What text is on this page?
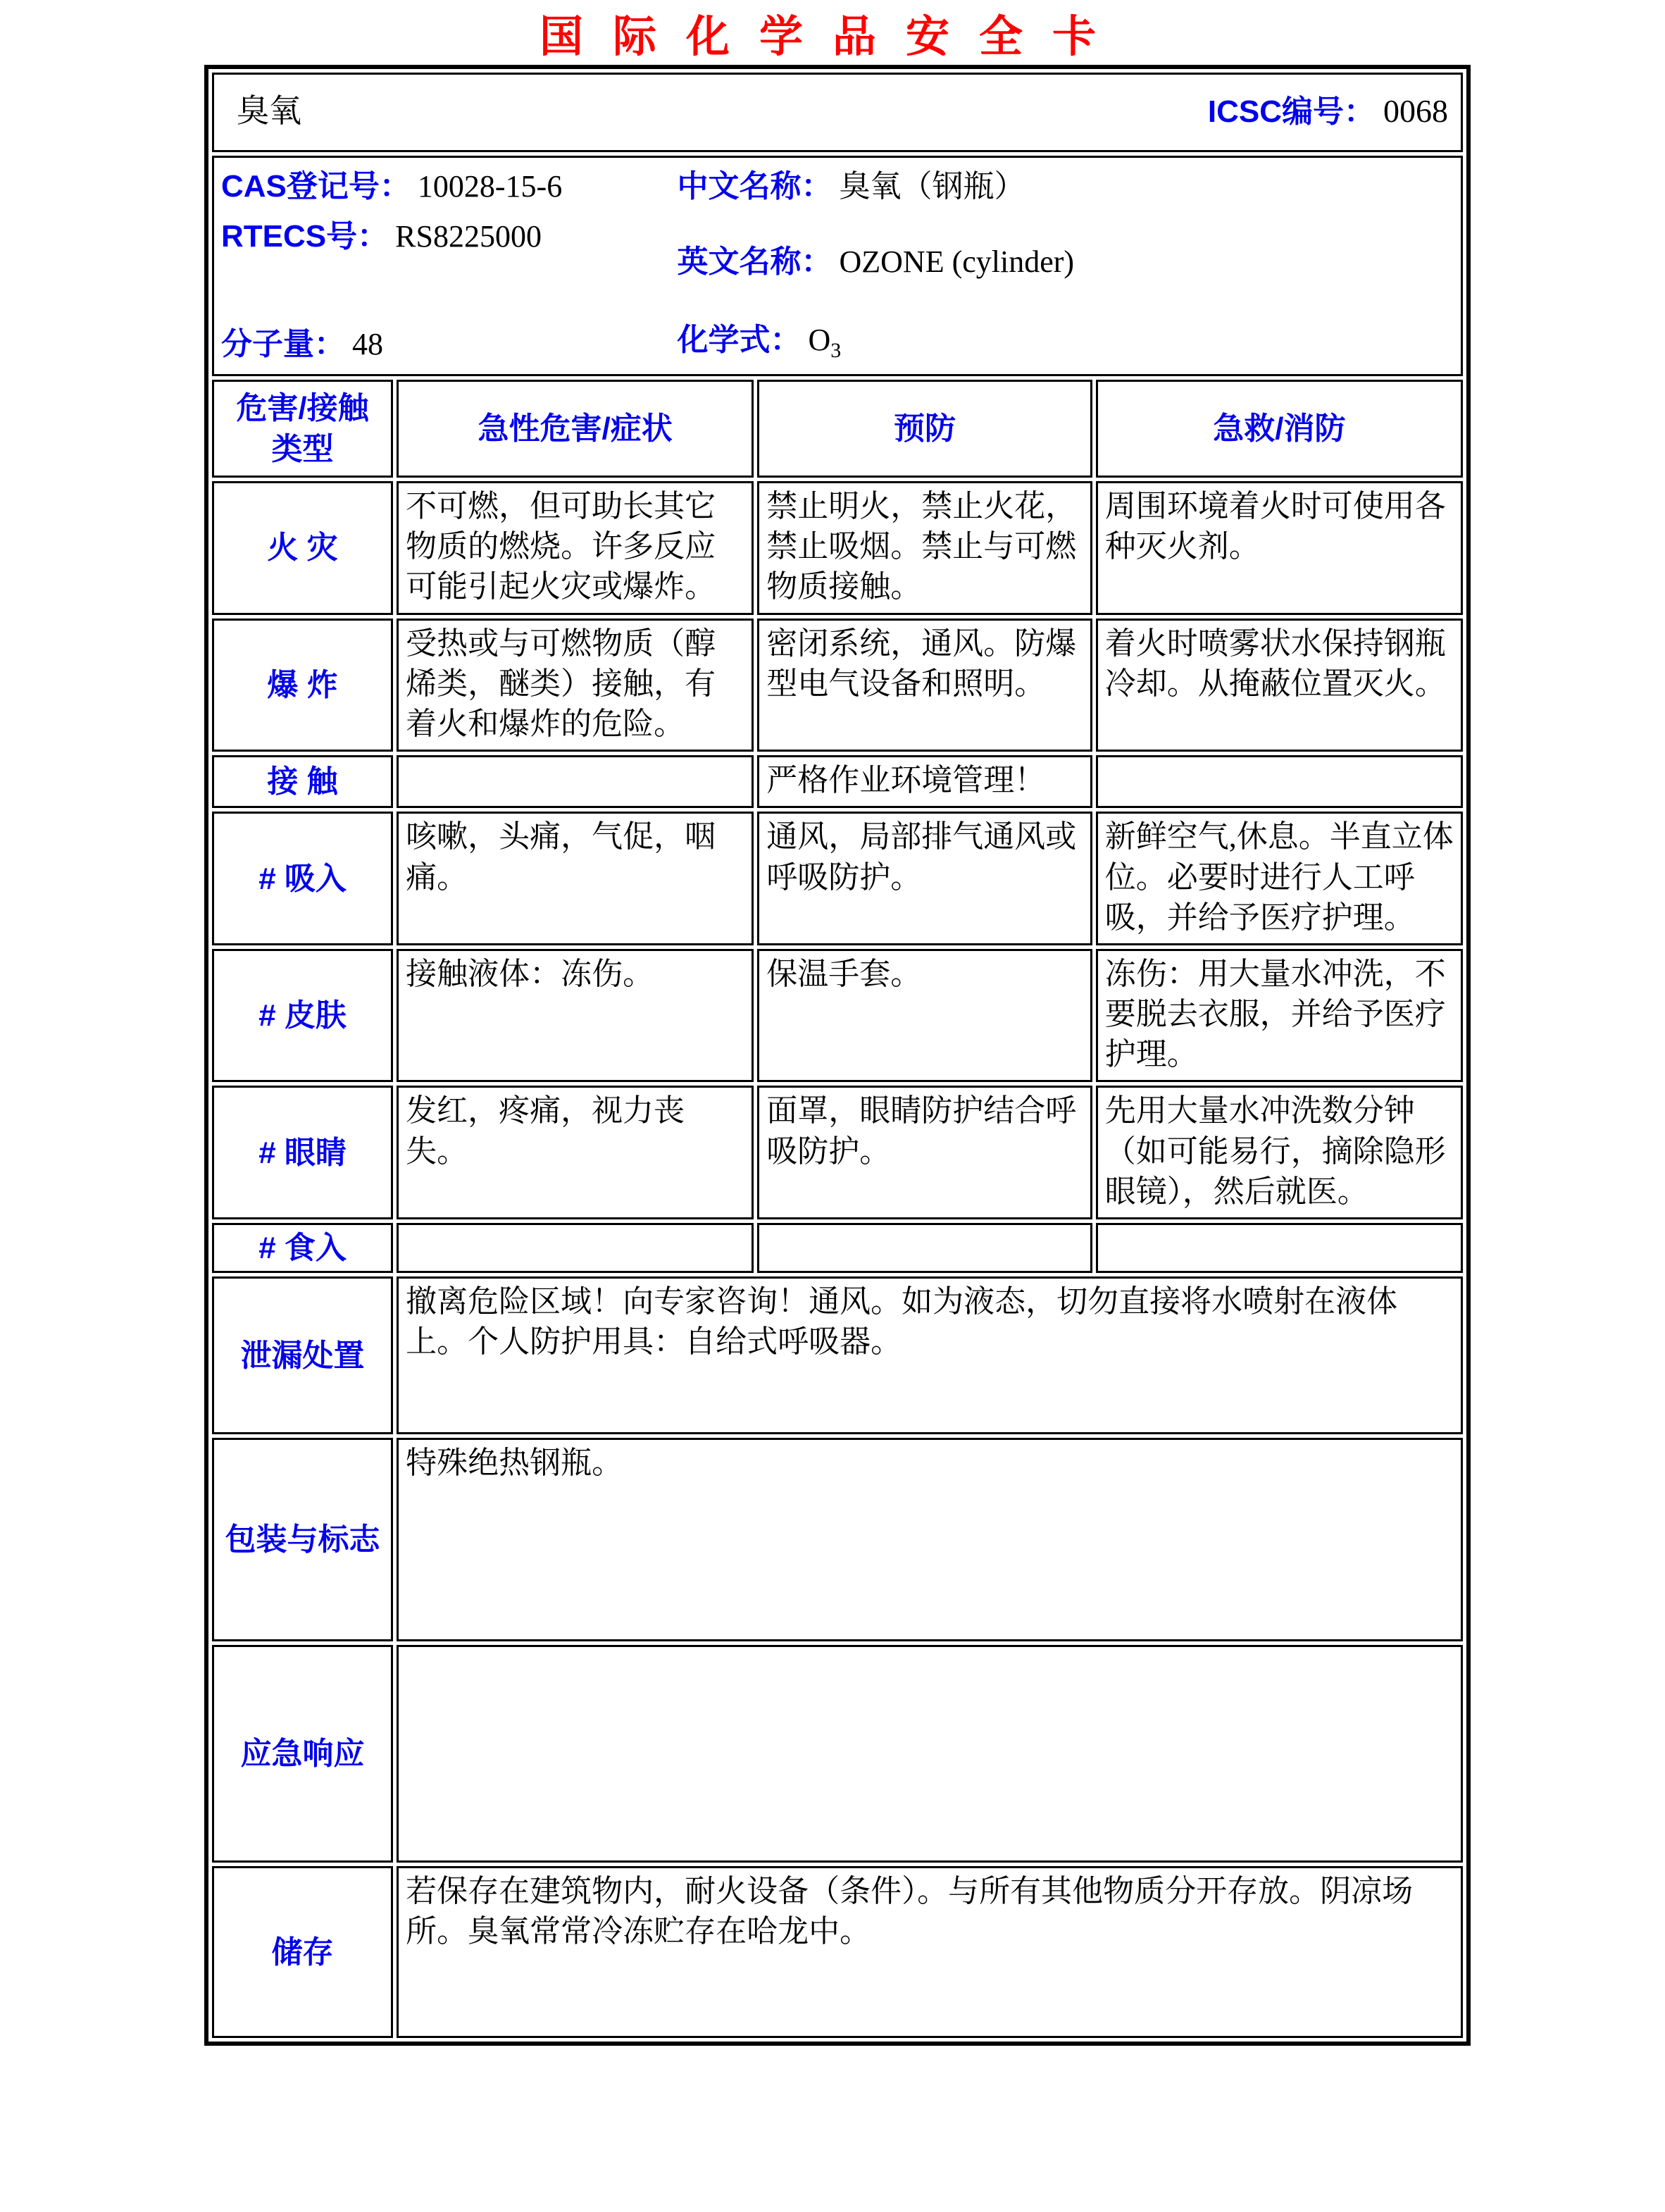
国际化学品安全卡
臭氧 ICSC编号： 0068			

CAS登记号： 10028-15-6
RTECS号： RS8225000
分子量： 48
中文名称： 臭氧（钢瓶）
英文名称： OZONE (cylinder)
化学式： $O_3$

危害/接触类型	急性危害/症状	预防	急救/消防
火 灾	不可燃，但可助长其它物质的燃烧。许多反应可能引起火灾或爆炸。	禁止明火，禁止火花，禁止吸烟。禁止与可燃物质接触。	周围环境着火时可使用各种灭火剂。
爆 炸	受热或与可燃物质（醇烯类，醚类）接触，有着火和爆炸的危险。	密闭系统，通风。防爆型电气设备和照明。	着火时喷雾状水保持钢瓶冷却。从掩蔽位置灭火。
接 触		严格作业环境管理！	
# 吸入	咳嗽，头痛，气促，咽痛。	通风，局部排气通风或呼吸防护。	新鲜空气,休息。半直立体位。必要时进行人工呼吸，并给予医疗护理。
# 皮肤	接触液体：冻伤。	保温手套。	冻伤：用大量水冲洗，不要脱去衣服，并给予医疗护理。
# 眼睛	发红，疼痛，视力丧失。	面罩，眼睛防护结合呼吸防护。	先用大量水冲洗数分钟（如可能易行，摘除隐形眼镜），然后就医。
# 食入			
泄漏处置	撤离危险区域！向专家咨询！通风。如为液态，切勿直接将水喷射在液体上。个人防护用具：自给式呼吸器。		
包装与标志	特殊绝热钢瓶。		
应急响应			
储存	若保存在建筑物内，耐火设备（条件）。与所有其他物质分开存放。阴凉场所。臭氧常常冷冻贮存在哈龙中。		
